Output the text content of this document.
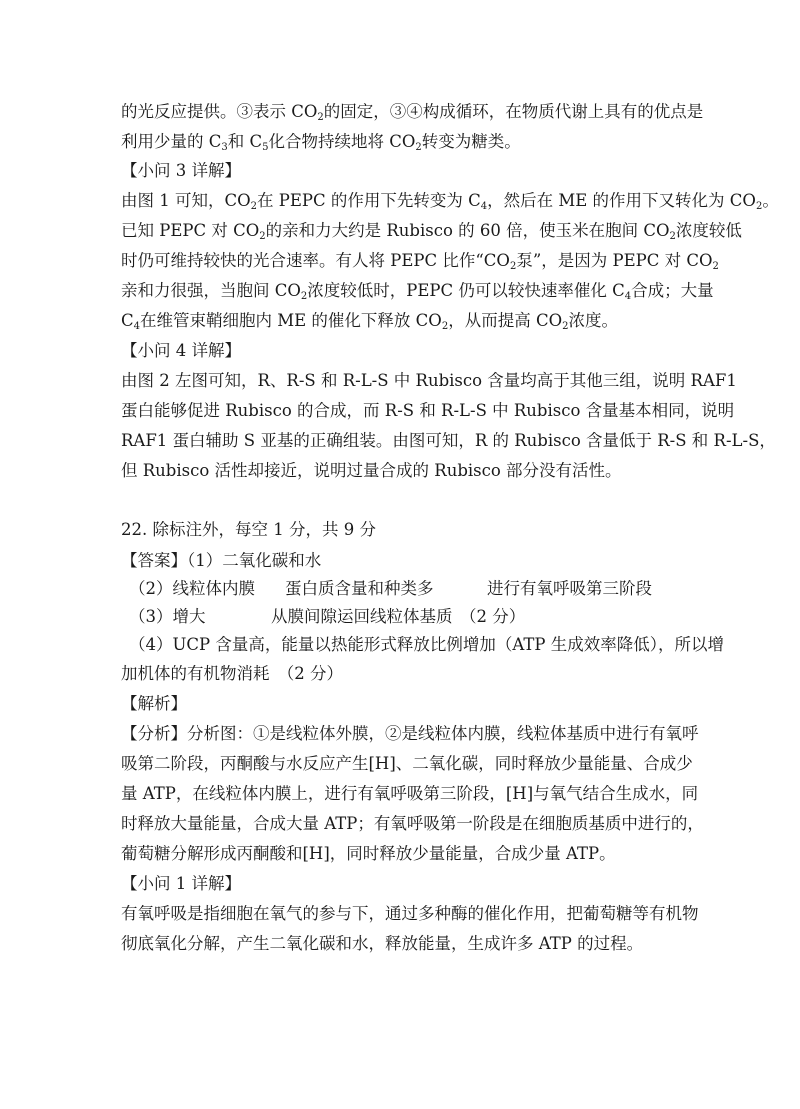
的光反应提供。③表示 $CO_2$的固定，③④构成循环，在物质代谢上具有的优点是
利用少量的 $C_3$和 $C_5$化合物持续地将 $CO_2$转变为糖类。
【小问 3 详解】
由图 1 可知，$CO_2$在 PEPC 的作用下先转变为 $C_4$，然后在 ME 的作用下又转化为 $CO_2$。
已知 PEPC 对 $CO_2$的亲和力大约是 Rubisco 的 60 倍，使玉米在胞间 $CO_2$浓度较低
时仍可维持较快的光合速率。有人将 PEPC 比作“$CO_2$泵”，是因为 PEPC 对 $CO_2$
亲和力很强，当胞间 $CO_2$浓度较低时，PEPC 仍可以较快速率催化 $C_4$合成；大量
$C_4$在维管束鞘细胞内 ME 的催化下释放 $CO_2$，从而提高 $CO_2$浓度。
【小问 4 详解】
由图 2 左图可知，R、R-S 和 R-L-S 中 Rubisco 含量均高于其他三组，说明 RAF1
蛋白能够促进 Rubisco 的合成，而 R-S 和 R-L-S 中 Rubisco 含量基本相同，说明
RAF1 蛋白辅助 S 亚基的正确组装。由图可知，R 的 Rubisco 含量低于 R-S 和 R-L-S，
但 Rubisco 活性却接近，说明过量合成的 Rubisco 部分没有活性。
22. 除标注外，每空 1 分，共 9 分
【答案】（1）二氧化碳和水
（2）线粒体内膜 蛋白质含量和种类多	进行有氧呼吸第三阶段
（3）增大	从膜间隙运回线粒体基质 （2 分）
（4）UCP 含量高，能量以热能形式释放比例增加（ATP 生成效率降低），所以增
加机体的有机物消耗　（2 分）
【解析】
【分析】分析图：①是线粒体外膜，②是线粒体内膜，线粒体基质中进行有氧呼
吸第二阶段，丙酮酸与水反应产生[H]、二氧化碳，同时释放少量能量、合成少
量 ATP，在线粒体内膜上，进行有氧呼吸第三阶段，[H]与氧气结合生成水，同
时释放大量能量，合成大量 ATP；有氧呼吸第一阶段是在细胞质基质中进行的，
葡萄糖分解形成丙酮酸和[H]，同时释放少量能量，合成少量 ATP。
【小问 1 详解】
有氧呼吸是指细胞在氧气的参与下，通过多种酶的催化作用，把葡萄糖等有机物
彻底氧化分解，产生二氧化碳和水，释放能量，生成许多 ATP 的过程。
